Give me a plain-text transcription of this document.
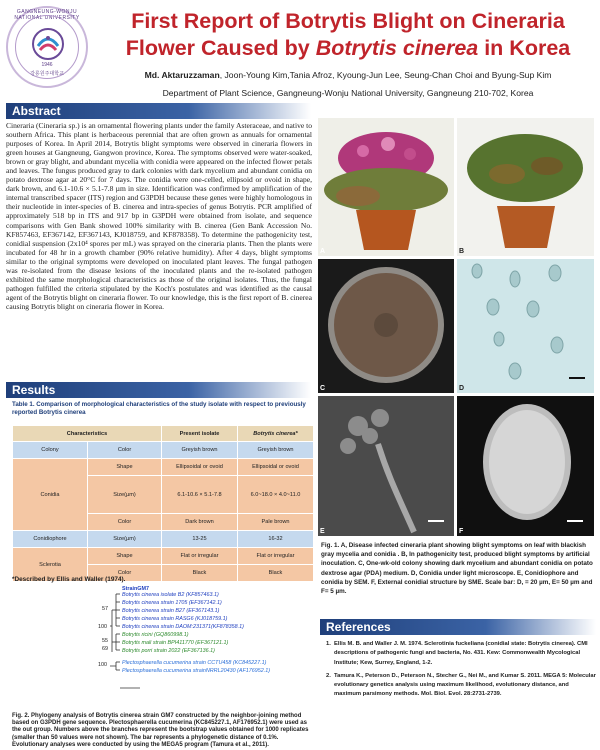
GANGNEUNG-WONJU NATIONAL UNIVERSITY
1946
강릉원주대학교
First Report of Botrytis Blight on Cineraria
Flower Caused by Botrytis cinerea in Korea
Md. Aktaruzzaman, Joon-Young Kim,Tania Afroz, Kyoung-Jun Lee, Seung-Chan Choi and Byung-Sup Kim
Department of Plant Science, Gangneung-Wonju National University, Gangneung 210-702, Korea
Abstract
Cineraria (Cineraria sp.) is an ornamental flowering plants under the family Asteraceae, and native to southern Africa. This plant is herbaceous perennial that are often grown as annuals for ornamental purposes of Korea. In April 2014, Botrytis blight symptoms were observed in cineraria flowers in green houses at Gangneung, Gangwon province, Korea. The symptoms observed were water-soaked, brown or gray blight, and abundant mycelia with conidia were appeared on the infected flower petals and leaves. The fungus produced gray to dark colonies with dark mycelium and abundant conidia on potato dextrose agar at 20°C for 7 days. The conidia were one-celled, ellipsoid or ovoid in shape, dark brown, and 6.1-10.6 × 5.1-7.8 µm in size. Identification was confirmed by amplification of the internal transcribed spacer (ITS) region and G3PDH because these genes were highly homologous in their nucleotide in inter-species of B. cinerea and intra-species of genus Botrytis. PCR amplified of approximately 518 bp in ITS and 917 bp in G3PDH were obtained from isolate, and sequence comparisons with Gen Bank showed 100% similarity with B. cinerea (Gen Bank Accession No. KF857463, EF367142, EF367143, KJ018759, and KF878358). To determine the pathogenicity test, conidial suspension (2x10⁴ spores per mL) was sprayed on the cineraria plants. Then the plants were incubated for 48 hr in a growth chamber (90% relative humidity). After 4 days, blight symptoms similar to the original symptoms were developed on inoculated plant leaves. The fungal pathogen was re-isolated from the disease lesions of the inoculated plants and the re-isolated pathogen exhibited the same morphological characteristics as those of the original isolates. Thus, the fungal pathogen fulfilled the criteria stipulated by the Koch's postulates and was identified as the causal agent of the Botrytis blight on cineraria flower. To our knowledge, this is the first report of B. cinerea causing Botrytis blight on cineraria flower in Korea.
Results
Table 1. Comparison of morphological characteristics of the study isolate with respect to previously reported Botrytis cinerea
Characteristics		Present isolate	Botrytis cinerea*
Colony	Color	Greyish brown	Greyish brown
Conidia	Shape	Ellipsoidal or ovoid	Ellipsoidal or ovoid
	Size(µm)	6.1-10.6 × 5.1-7.8	6.0~18.0 × 4.0~11.0
	Color	Dark brown	Pale brown
Conidiophore	Size(µm)	13-25	16-32
Sclerotia	Shape	Flat or irregular	Flat or irregular
	Color	Black	Black
*Described by Ellis and Waller (1974).
StrainGM7
Botrytis cinerea isolate B2 (KF857463.1)
Botrytis cinerea strain 1705 (EF367142.1)
Botrytis cinerea strain B27 (EF367143.1)
Botrytis cinerea strain RASG6 (KJ018759.1)
Botrytis cinerea strain DAOM:231371(KF878358.1)
Botrytis ricini (GQ860998.1)
Botrytis mali strain BPI411770 (EF367121.1)
Botrytis porri strain 2022 (EF367136.1)
Plectosphaerella cucumerina strain CCTU458 (KC845227.1)
Plectosphaerella cucumerina strainNRRL20430 (AF176952.1)
57
100
55
69
100
Fig. 2. Phylogeny analysis of Botrytis cinerea strain GM7 constructed by the neighbor-joining method based on G3PDH gene sequence. Plectosphaerella cucumerina (KC845227.1, AF176952.1) were used as the out group. Numbers above the branches represent the bootstrap values obtained for 1000 replicates (smaller than 50 values were not shown). The bar represents a phylogenetic distance of 0.1%. Evolutionary analyses were conducted by using the MEGA5 program (Tamura et al., 2011).
A	B
C	D
E	F
Fig. 1. A, Disease infected cineraria plant showing blight symptoms on leaf with blackish gray mycelia and conidia . B, In pathogenicity test, produced blight symptoms by artificial inoculation. C, One-wk-old colony showing dark mycelium and abundant conidia on potato dextrose agar (PDA) medium. D, Conidia under light microscope. E, Conidiophore and conidia by SEM. F, External conidial structure by SME. Scale bar: D, = 20 µm, E= 50 µm and F= 5 µm.
References
1. Ellis M. B. and Waller J. M. 1974. Sclerotinia fuckeliana (conidial state: Botrytis cinerea). CMI descriptions of pathogenic fungi and bacteria, No. 431. Kew: Commonwealth Mycological Institute; Kew, Surrey, England, 1-2.
2. Tamura K., Peterson D., Peterson N., Stecher G., Nei M., and Kumar S. 2011. MEGA 5: Molecular evolutionary genetics analysis using maximum likelihood, evolutionary distance, and maximum parsimony methods. Mol. Biol. Evol. 28:2731-2739.
